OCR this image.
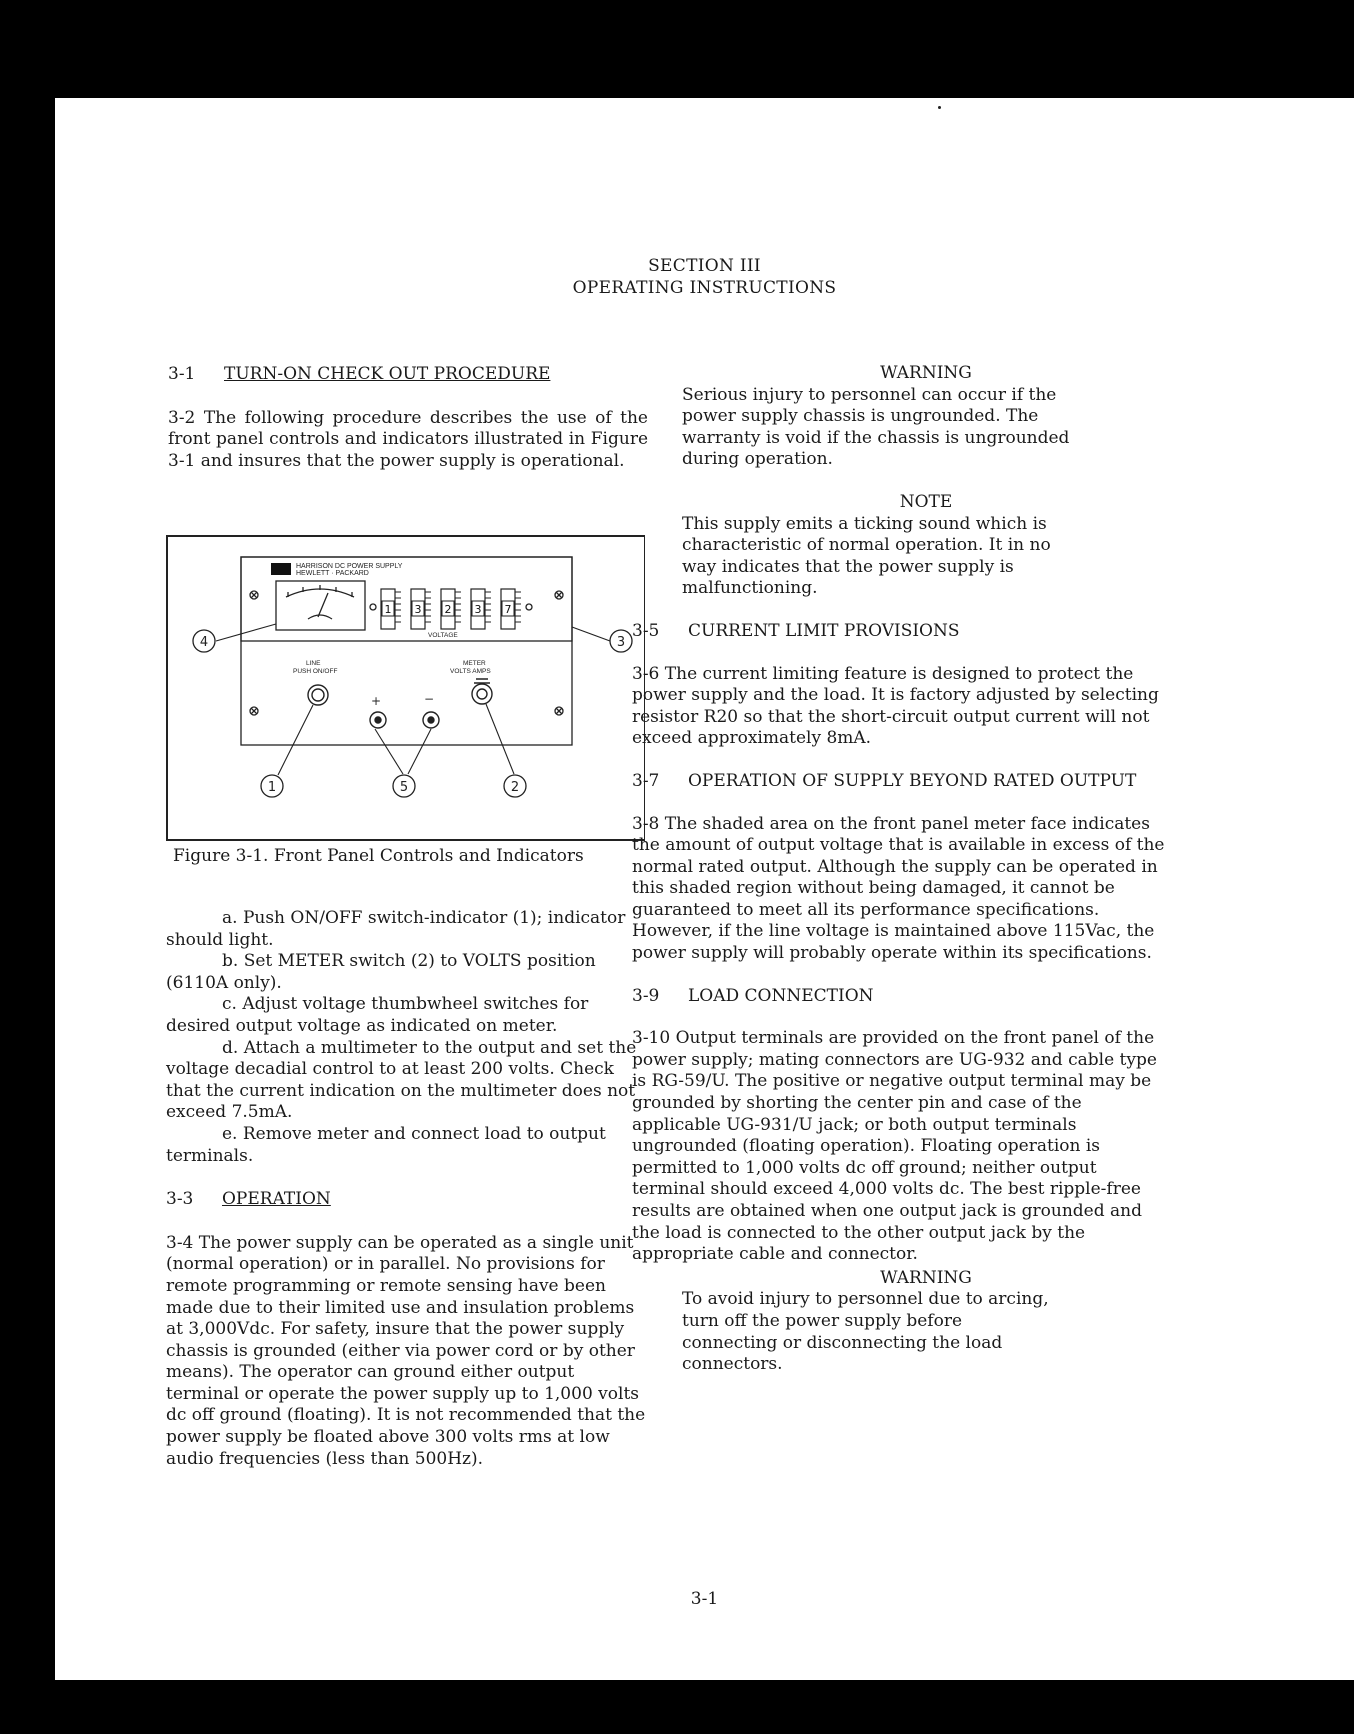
SECTION III
OPERATING INSTRUCTIONS

3-1 TURN-ON CHECK OUT PROCEDURE

3-2 The following procedure describes the use of the front panel controls and indicators illustrated in Figure 3-1 and insures that the power supply is operational.

HARRISON DC POWER SUPPLY
HEWLETT · PACKARD
1 3 2 3 7
VOLTAGE
LINE
PUSH ON/OFF
METER
VOLTS AMPS
+	−
4	3
1	5	2
Figure 3-1. Front Panel Controls and Indicators

a. Push ON/OFF switch-indicator (1); indicator should light.

b. Set METER switch (2) to VOLTS position (6110A only).

c. Adjust voltage thumbwheel switches for desired output voltage as indicated on meter.

d. Attach a multimeter to the output and set the voltage decadial control to at least 200 volts. Check that the current indication on the multimeter does not exceed 7.5mA.

e. Remove meter and connect load to output terminals.

3-3 OPERATION

3-4 The power supply can be operated as a single unit (normal operation) or in parallel. No provisions for remote programming or remote sensing have been made due to their limited use and insulation problems at 3,000Vdc. For safety, insure that the power supply chassis is grounded (either via power cord or by other means). The operator can ground either output terminal or operate the power supply up to 1,000 volts dc off ground (floating). It is not recommended that the power supply be floated above 300 volts rms at low audio frequencies (less than 500Hz).

WARNING

Serious injury to personnel can occur if the power supply chassis is ungrounded. The warranty is void if the chassis is ungrounded during operation.

NOTE

This supply emits a ticking sound which is characteristic of normal operation. It in no way indicates that the power supply is malfunctioning.

3-5 CURRENT LIMIT PROVISIONS

3-6 The current limiting feature is designed to protect the power supply and the load. It is factory adjusted by selecting resistor R20 so that the short-circuit output current will not exceed approximately 8mA.

3-7 OPERATION OF SUPPLY BEYOND RATED OUTPUT

3-8 The shaded area on the front panel meter face indicates the amount of output voltage that is available in excess of the normal rated output. Although the supply can be operated in this shaded region without being damaged, it cannot be guaranteed to meet all its performance specifications. However, if the line voltage is maintained above 115Vac, the power supply will probably operate within its specifications.

3-9 LOAD CONNECTION

3-10 Output terminals are provided on the front panel of the power supply; mating connectors are UG-932 and cable type is RG-59/U. The positive or negative output terminal may be grounded by shorting the center pin and case of the applicable UG-931/U jack; or both output terminals ungrounded (floating operation). Floating operation is permitted to 1,000 volts dc off ground; neither output terminal should exceed 4,000 volts dc. The best ripple-free results are obtained when one output jack is grounded and the load is connected to the other output jack by the appropriate cable and connector.

WARNING

To avoid injury to personnel due to arcing, turn off the power supply before connecting or disconnecting the load connectors.

3-1
